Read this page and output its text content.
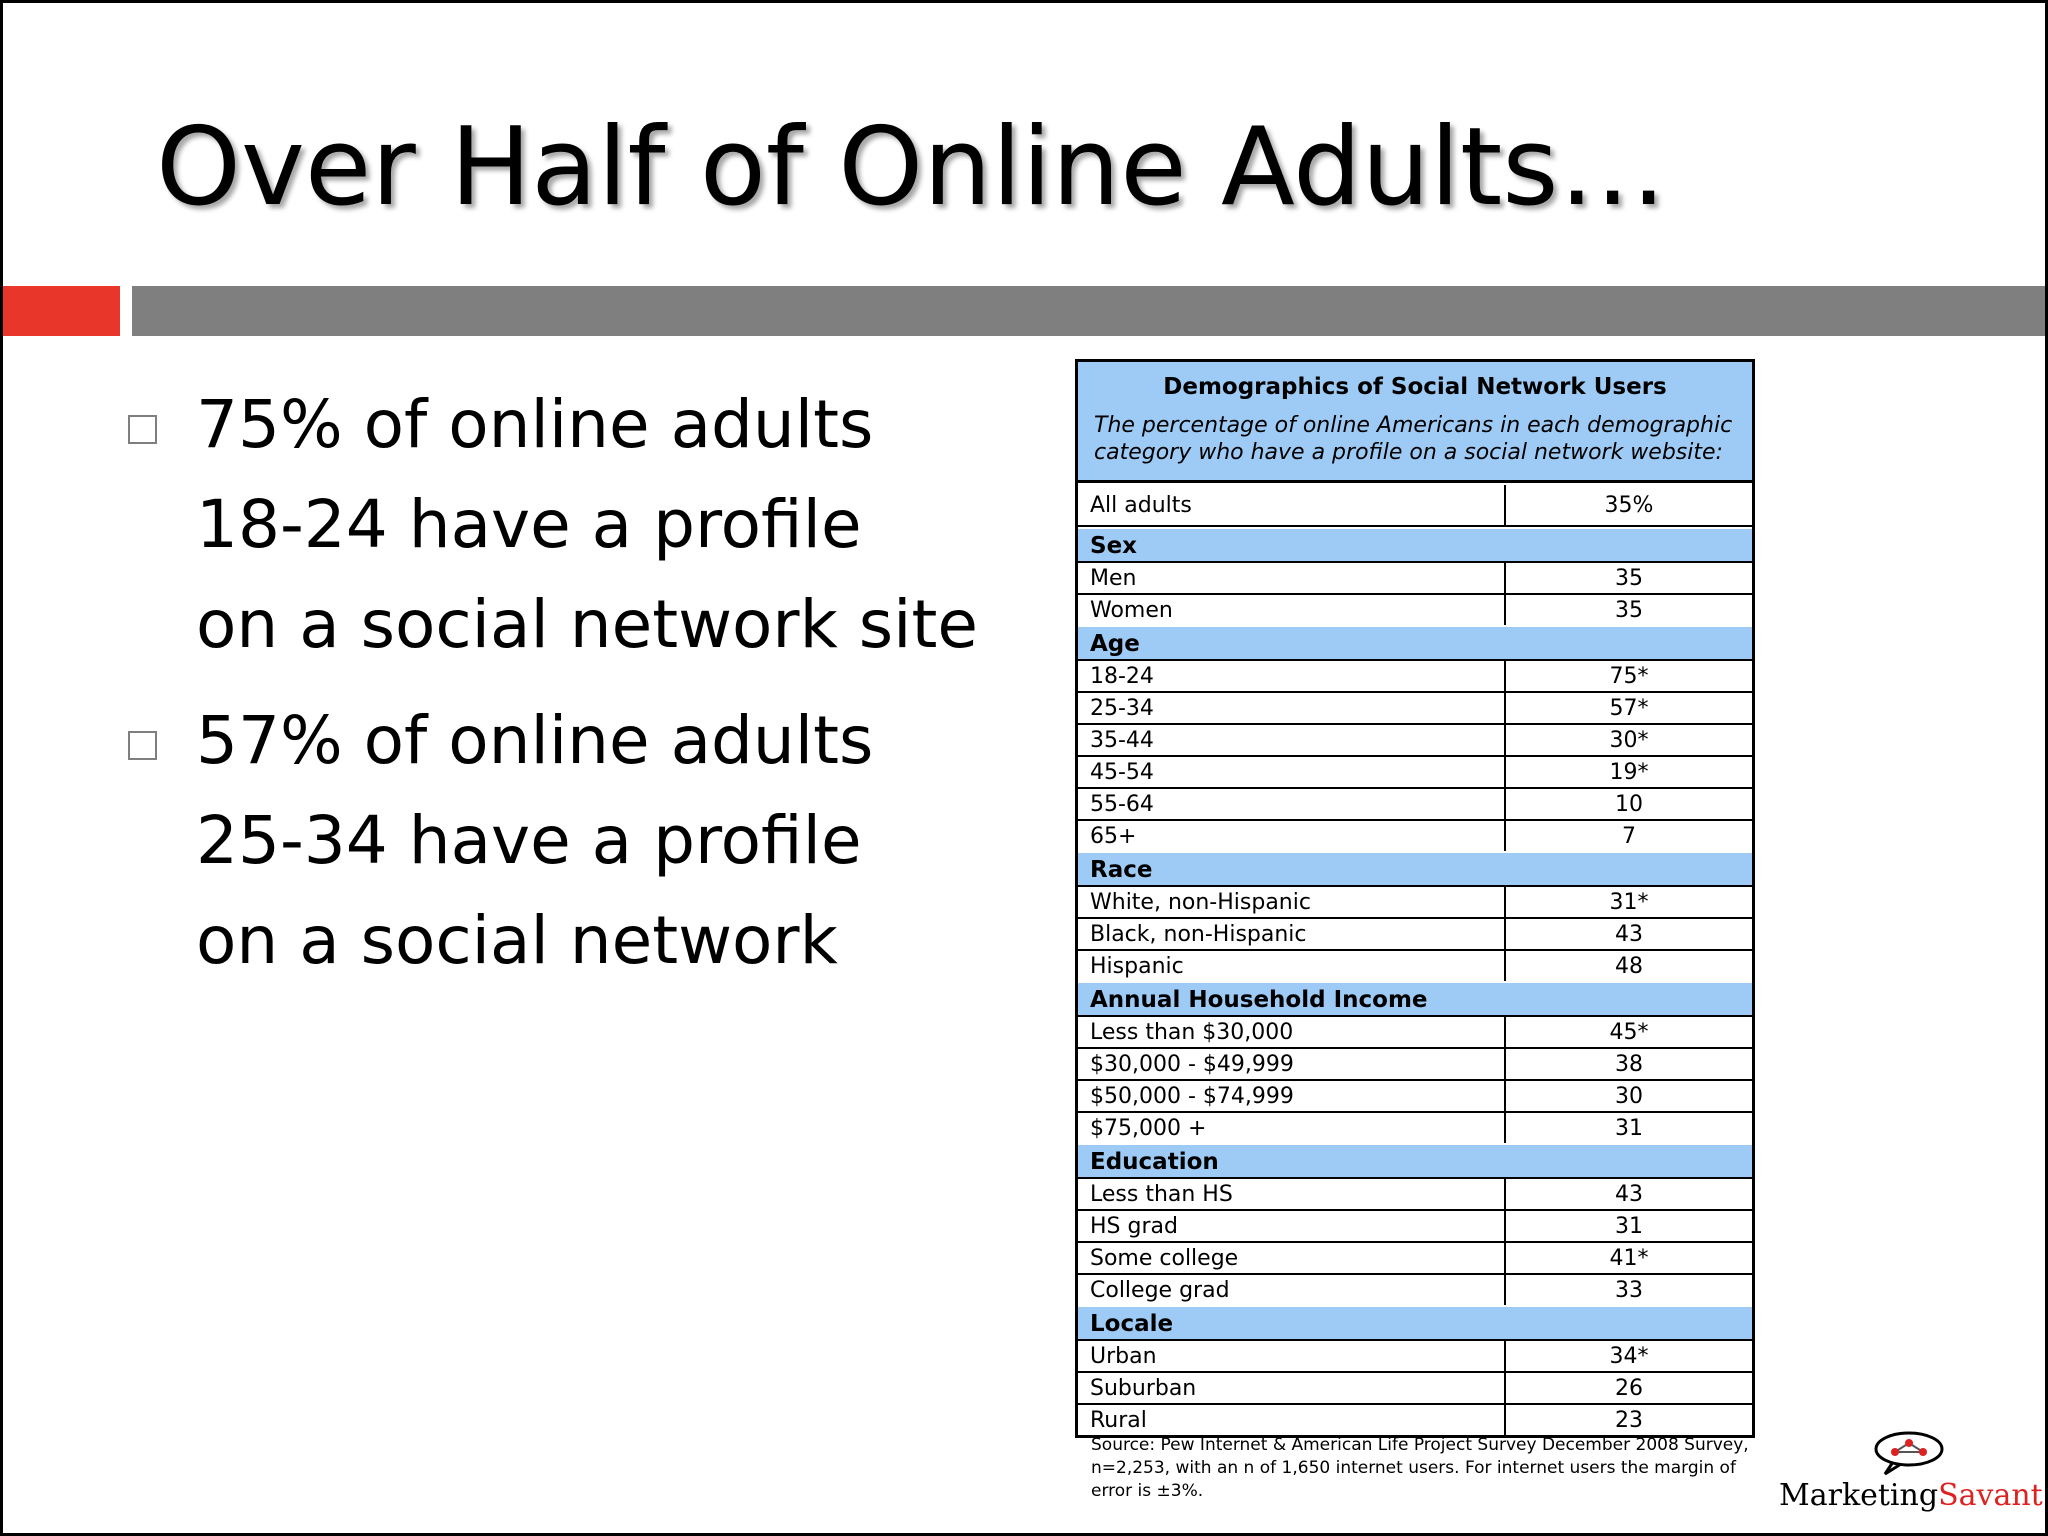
Over Half of Online Adults…
75% of online adults
18-24 have a profile
on a social network site
57% of online adults
25-34 have a profile
on a social network
Demographics of Social Network Users
The percentage of online Americans in each demographic category who have a profile on a social network website:
All adults	35%
Sex
Men	35
Women	35
Age
18-24	75*
25-34	57*
35-44	30*
45-54	19*
55-64	10
65+	7
Race
White, non-Hispanic	31*
Black, non-Hispanic	43
Hispanic	48
Annual Household Income
Less than $30,000	45*
$30,000 - $49,999	38
$50,000 - $74,999	30
$75,000 +	31
Education
Less than HS	43
HS grad	31
Some college	41*
College grad	33
Locale
Urban	34*
Suburban	26
Rural	23
Source: Pew Internet & American Life Project Survey December 2008 Survey, n=2,253, with an n of 1,650 internet users. For internet users the margin of error is ±3%.	MarketingSavant
